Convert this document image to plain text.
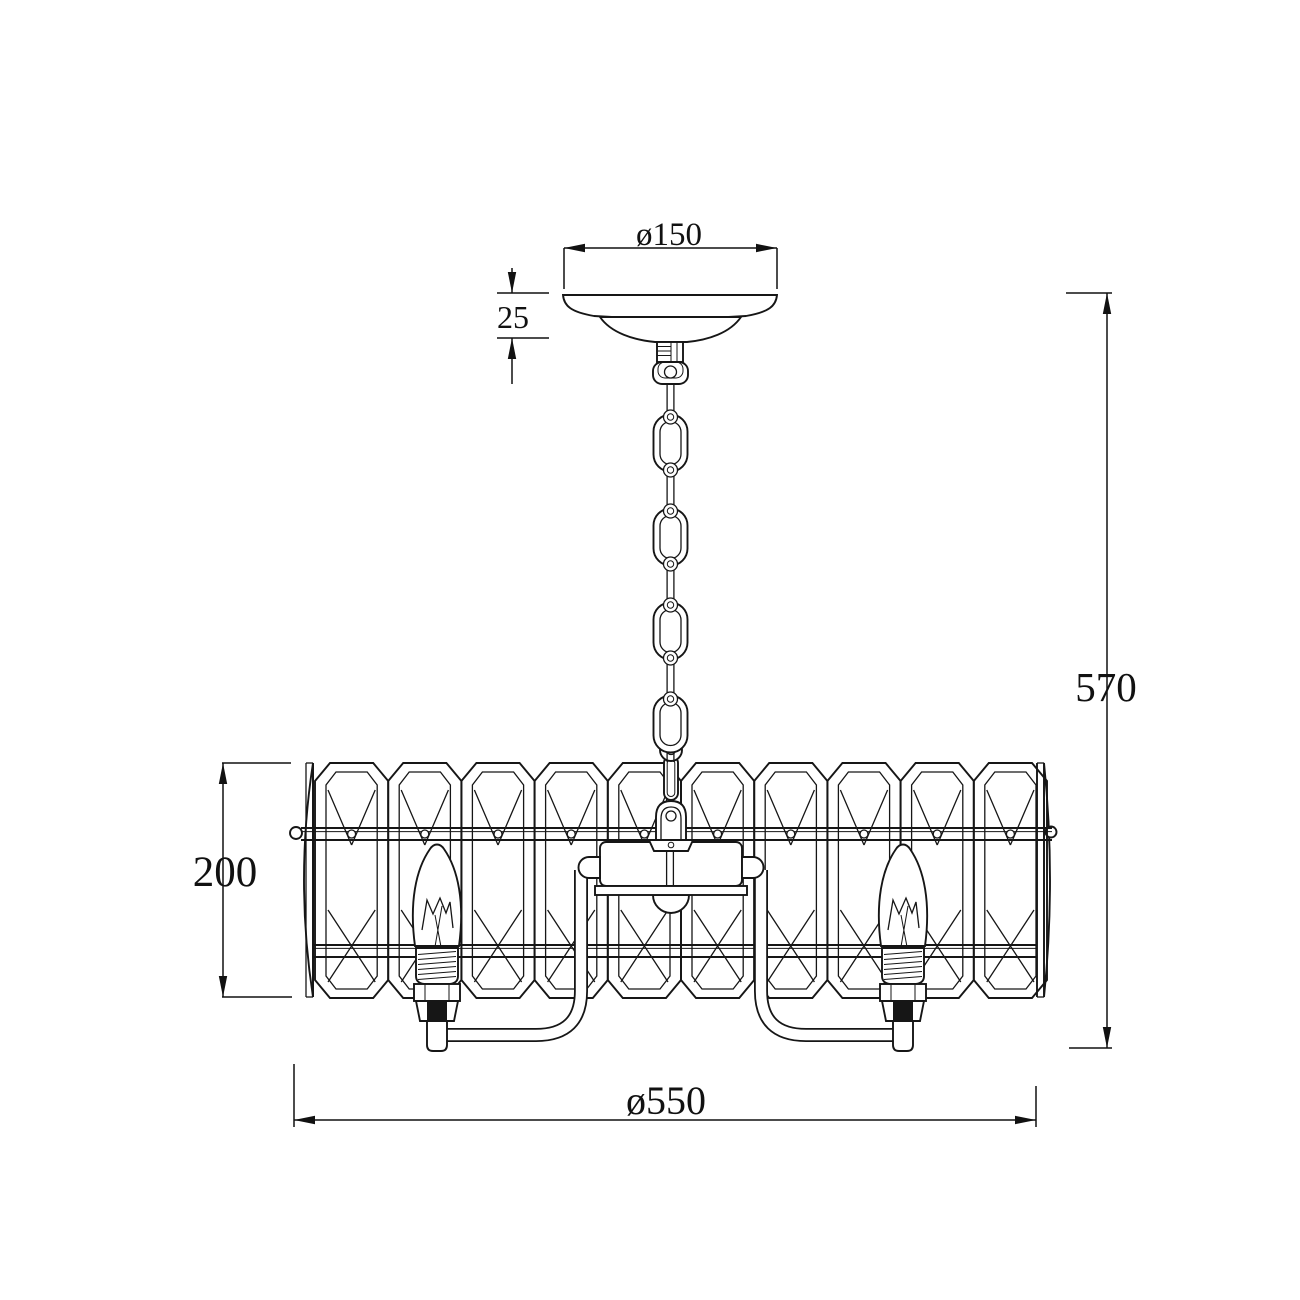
ø150
25
200
570
ø550
